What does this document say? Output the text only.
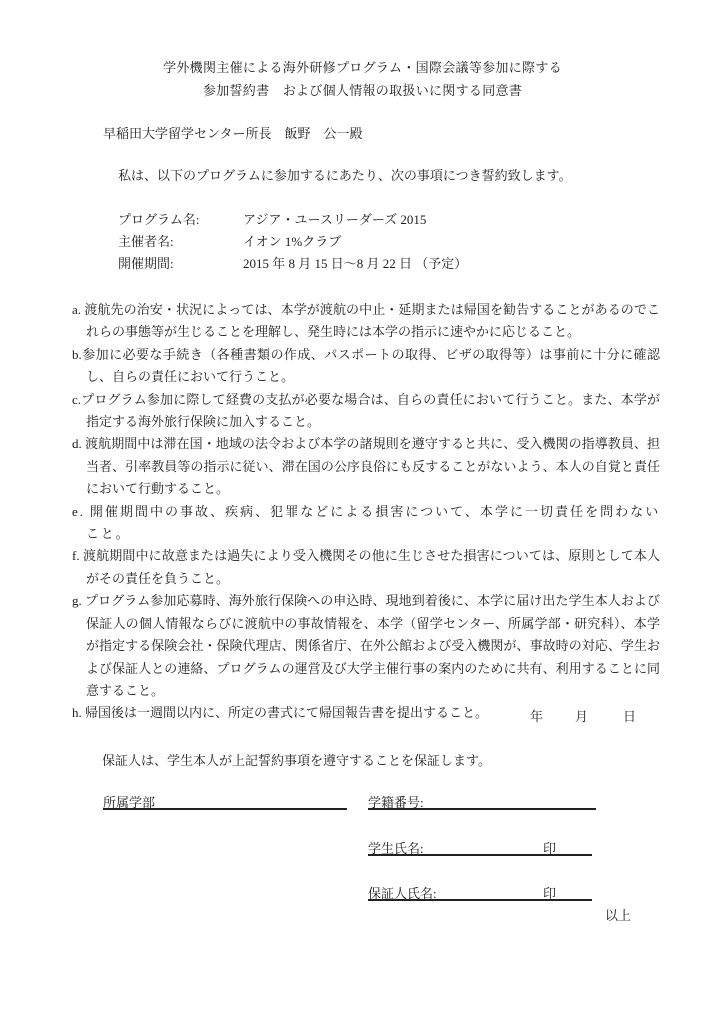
学外機関主催による海外研修プログラム・国際会議等参加に際する
参加誓約書　および個人情報の取扱いに関する同意書
早稲田大学留学センター所長　飯野　公一殿
私は、以下のプログラムに参加するにあたり、次の事項につき誓約致します。
プログラム名:	アジア・ユースリーダーズ 2015
主催者名:	イオン 1%クラブ
開催期間:	2015 年 8 月 15 日～8 月 22 日 （予定）
a. 渡航先の治安・状況によっては、本学が渡航の中止・延期または帰国を勧告することがあるのでこれらの事態等が生じることを理解し、発生時には本学の指示に速やかに応じること。
b.参加に必要な手続き（各種書類の作成、パスポートの取得、ビザの取得等）は事前に十分に確認し、自らの責任において行うこと。
c.プログラム参加に際して経費の支払が必要な場合は、自らの責任において行うこと。また、本学が指定する海外旅行保険に加入すること。
d. 渡航期間中は滞在国・地域の法令および本学の諸規則を遵守すると共に、受入機関の指導教員、担当者、引率教員等の指示に従い、滞在国の公序良俗にも反することがないよう、本人の自覚と責任において行動すること。
e. 開催期間中の事故、疾病、犯罪などによる損害について、本学に一切責任を問わないこと。
f. 渡航期間中に故意または過失により受入機関その他に生じさせた損害については、原則として本人がその責任を負うこと。
g. プログラム参加応募時、海外旅行保険への申込時、現地到着後に、本学に届け出た学生本人および保証人の個人情報ならびに渡航中の事故情報を、本学（留学センター、所属学部・研究科）、本学が指定する保険会社・保険代理店、関係省庁、在外公館および受入機関が、事故時の対応、学生および保証人との連絡、プログラムの運営及び大学主催行事の案内のために共有、利用することに同意すること。
h. 帰国後は一週間以内に、所定の書式にて帰国報告書を提出すること。	年 月	日
保証人は、学生本人が上記誓約事項を遵守することを保証します。
所属学部	学籍番号:
学生氏名:	印
保証人氏名:	印
以上
